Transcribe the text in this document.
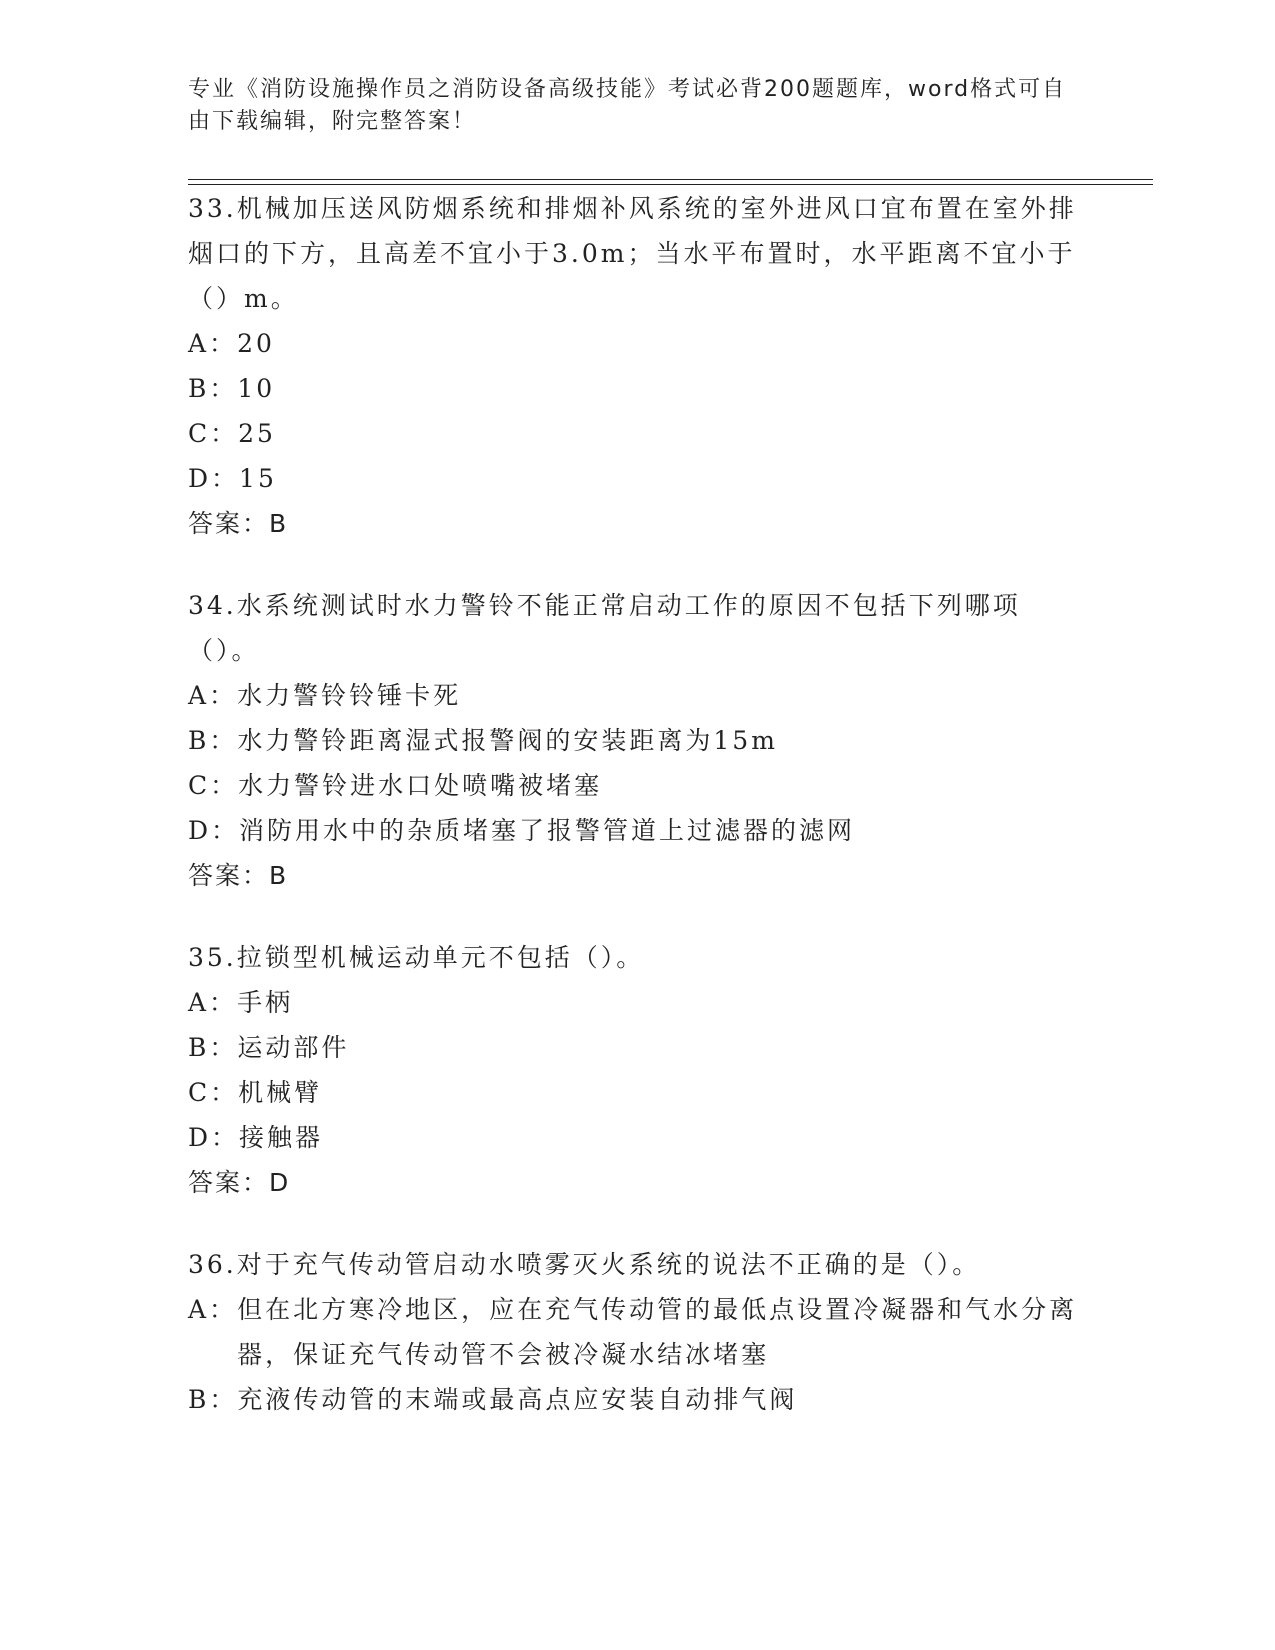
专业《消防设施操作员之消防设备高级技能》考试必背200题题库，word格式可自由下载编辑，附完整答案！

33.机械加压送风防烟系统和排烟补风系统的室外进风口宜布置在室外排烟口的下方，且高差不宜小于3.0m；当水平布置时，水平距离不宜小于（）m。

A： 20
B： 10
C： 25
D： 15

答案：B

34.水系统测试时水力警铃不能正常启动工作的原因不包括下列哪项（）。

A： 水力警铃铃锤卡死
B： 水力警铃距离湿式报警阀的安装距离为15m
C： 水力警铃进水口处喷嘴被堵塞
D： 消防用水中的杂质堵塞了报警管道上过滤器的滤网

答案：B

35.拉锁型机械运动单元不包括（）。

A： 手柄
B： 运动部件
C： 机械臂
D： 接触器

答案：D

36.对于充气传动管启动水喷雾灭火系统的说法不正确的是（）。

A： 但在北方寒冷地区，应在充气传动管的最低点设置冷凝器和气水分离器，保证充气传动管不会被冷凝水结冰堵塞
B： 充液传动管的末端或最高点应安装自动排气阀
